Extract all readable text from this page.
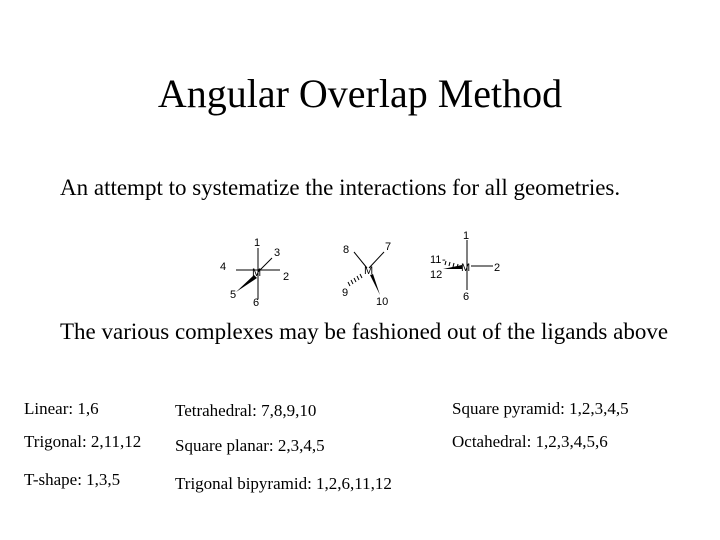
Angular Overlap Method
An attempt to systematize the interactions for all geometries.
M
1
2
3
4
5
6
M
7
8
9
10
M
1
2
6
11 -
12
The various complexes may be fashioned out of the ligands above
Linear: 1,6	Tetrahedral: 7,8,9,10	Square pyramid: 1,2,3,4,5
Trigonal: 2,11,12 Square planar: 2,3,4,5	Octahedral: 1,2,3,4,5,6
T-shape: 1,3,5	Trigonal bipyramid: 1,2,6,11,12
